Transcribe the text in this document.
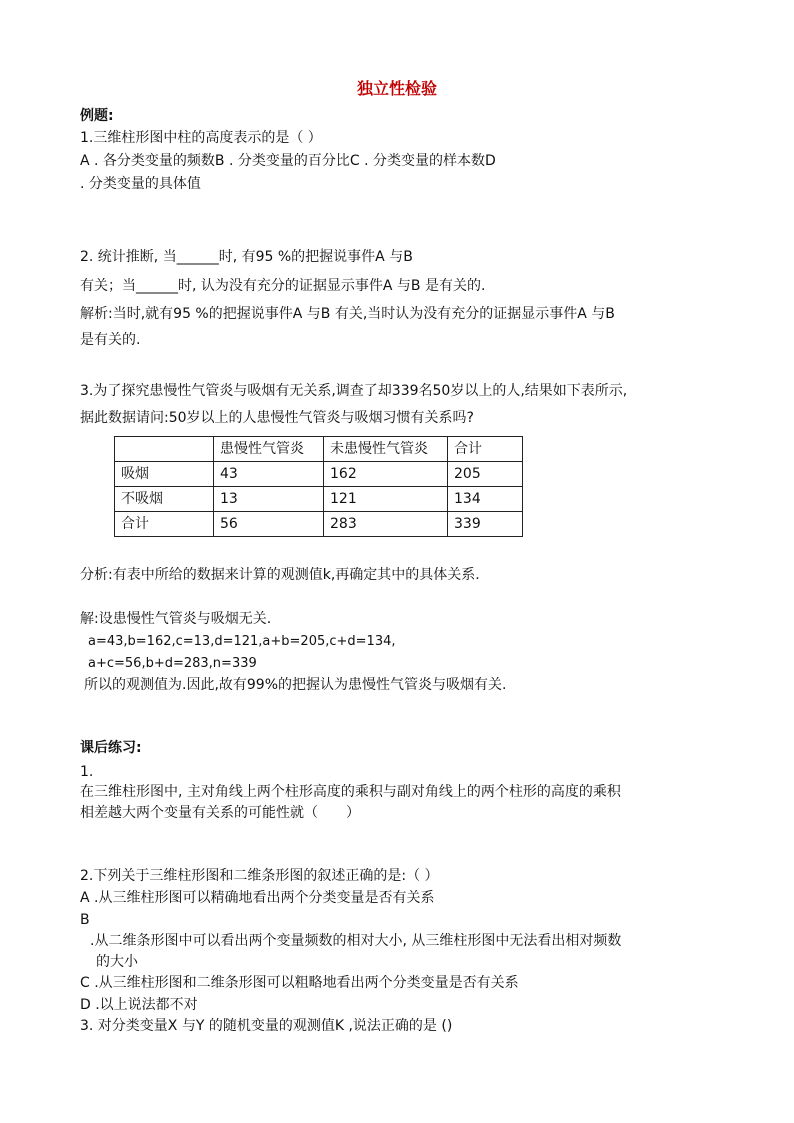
独立性检验
例题:
1.三维柱形图中柱的高度表示的是（ ）
A . 各分类变量的频数B . 分类变量的百分比C . 分类变量的样本数D
. 分类变量的具体值
2. 统计推断, 当______时, 有95 %的把握说事件A 与B
有关；当______时, 认为没有充分的证据显示事件A 与B 是有关的.
解析:当时,就有95 %的把握说事件A 与B 有关,当时认为没有充分的证据显示事件A 与B
是有关的.
3.为了探究患慢性气管炎与吸烟有无关系,调查了却339名50岁以上的人,结果如下表所示,
据此数据请问:50岁以上的人患慢性气管炎与吸烟习惯有关系吗?
	患慢性气管炎	未患慢性气管炎	合计
吸烟	43	162	205
不吸烟	13	121	134
合计	56	283	339
分析:有表中所给的数据来计算的观测值k,再确定其中的具体关系.
解:设患慢性气管炎与吸烟无关.
a=43,b=162,c=13,d=121,a+b=205,c+d=134,
a+c=56,b+d=283,n=339
所以的观测值为.因此,故有99%的把握认为患慢性气管炎与吸烟有关.
课后练习:
1.
在三维柱形图中, 主对角线上两个柱形高度的乘积与副对角线上的两个柱形的高度的乘积
相差越大两个变量有关系的可能性就（　　）
2.下列关于三维柱形图和二维条形图的叙述正确的是:（ ）
A .从三维柱形图可以精确地看出两个分类变量是否有关系
B
.从二维条形图中可以看出两个变量频数的相对大小, 从三维柱形图中无法看出相对频数
的大小
C .从三维柱形图和二维条形图可以粗略地看出两个分类变量是否有关系
D .以上说法都不对
3. 对分类变量X 与Y 的随机变量的观测值K ,说法正确的是 ()
